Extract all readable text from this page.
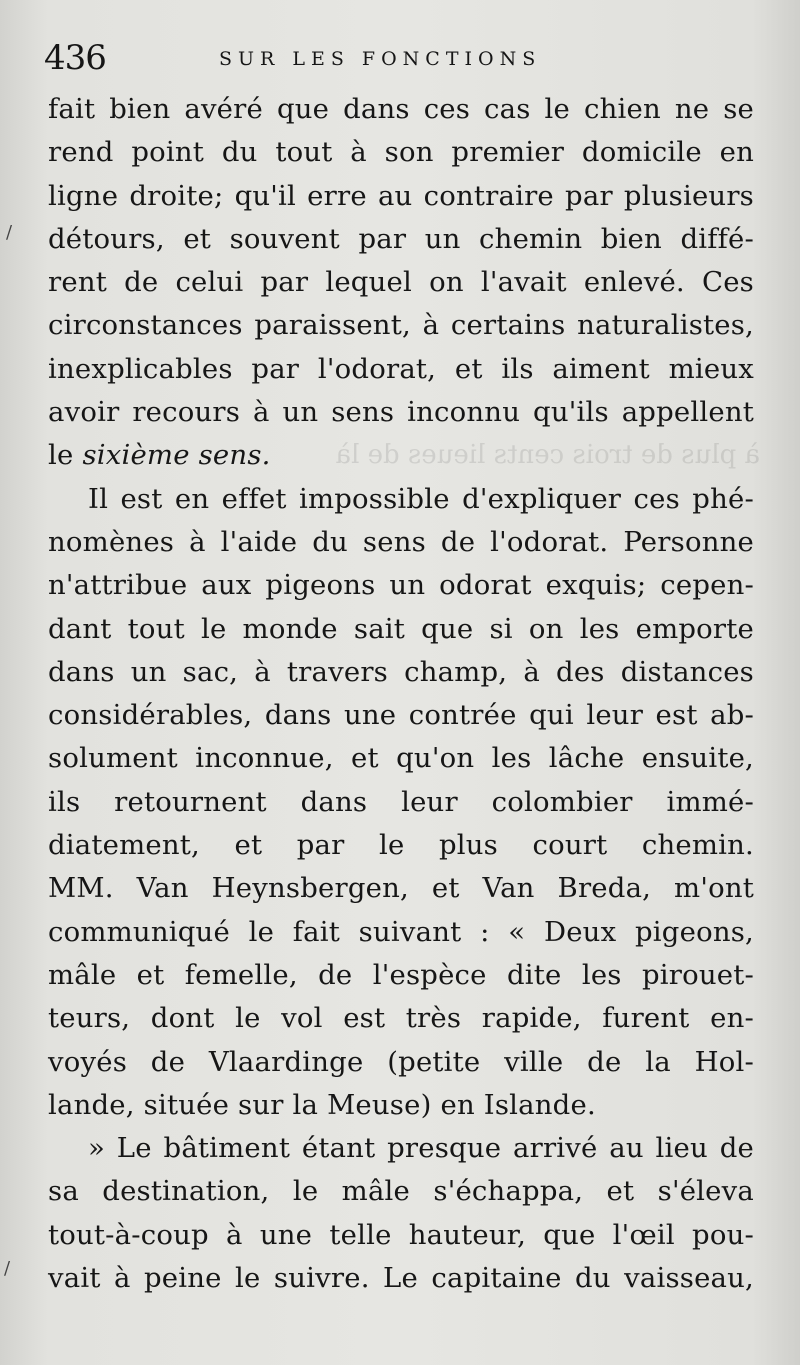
436	SUR LES FONCTIONS
à plus de trois cents lieues de là
fait bien avéré que dans ces cas le chien ne se
rend point du tout à son premier domicile en
ligne droite; qu'il erre au contraire par plusieurs
détours, et souvent par un chemin bien diffé-
rent de celui par lequel on l'avait enlevé. Ces
circonstances paraissent, à certains naturalistes,
inexplicables par l'odorat, et ils aiment mieux
avoir recours à un sens inconnu qu'ils appellent
le sixième sens.
Il est en effet impossible d'expliquer ces phé-
nomènes à l'aide du sens de l'odorat. Personne
n'attribue aux pigeons un odorat exquis; cepen-
dant tout le monde sait que si on les emporte
dans un sac, à travers champ, à des distances
considérables, dans une contrée qui leur est ab-
solument inconnue, et qu'on les lâche ensuite,
ils retournent dans leur colombier immé-
diatement, et par le plus court chemin.
MM. Van Heynsbergen, et Van Breda, m'ont
communiqué le fait suivant : « Deux pigeons,
mâle et femelle, de l'espèce dite les pirouet-
teurs, dont le vol est très rapide, furent en-
voyés de Vlaardinge (petite ville de la Hol-
lande, située sur la Meuse) en Islande.
» Le bâtiment étant presque arrivé au lieu de
sa destination, le mâle s'échappa, et s'éleva
tout-à-coup à une telle hauteur, que l'œil pou-
vait à peine le suivre. Le capitaine du vaisseau,
/
/
